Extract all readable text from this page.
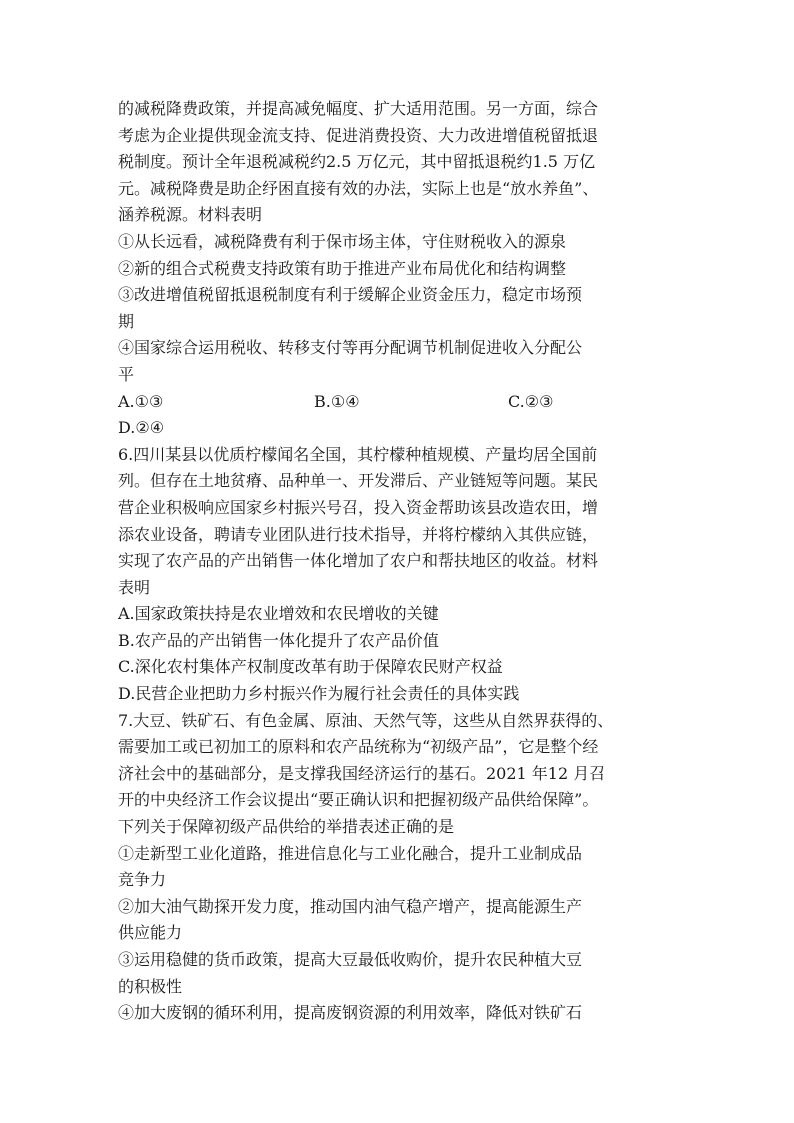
的减税降费政策，并提高减免幅度、扩大适用范围。另一方面，综合
考虑为企业提供现金流支持、促进消费投资、大力改进增值税留抵退
税制度。预计全年退税减税约2.5 万亿元，其中留抵退税约1.5 万亿
元。减税降费是助企纾困直接有效的办法，实际上也是“放水养鱼”、
涵养税源。材料表明
①从长远看，减税降费有利于保市场主体，守住财税收入的源泉
②新的组合式税费支持政策有助于推进产业布局优化和结构调整
③改进增值税留抵退税制度有利于缓解企业资金压力，稳定市场预
期
④国家综合运用税收、转移支付等再分配调节机制促进收入分配公
平
A.①③	B.①④	C.②③
D.②④
6.四川某县以优质柠檬闻名全国，其柠檬种植规模、产量均居全国前
列。但存在土地贫瘠、品种单一、开发滞后、产业链短等问题。某民
营企业积极响应国家乡村振兴号召，投入资金帮助该县改造农田，增
添农业设备，聘请专业团队进行技术指导，并将柠檬纳入其供应链，
实现了农产品的产出销售一体化增加了农户和帮扶地区的收益。材料
表明
A.国家政策扶持是农业增效和农民增收的关键
B.农产品的产出销售一体化提升了农产品价值
C.深化农村集体产权制度改革有助于保障农民财产权益
D.民营企业把助力乡村振兴作为履行社会责任的具体实践
7.大豆、铁矿石、有色金属、原油、天然气等，这些从自然界获得的、
需要加工或已初加工的原料和农产品统称为“初级产品”，它是整个经
济社会中的基础部分，是支撑我国经济运行的基石。2021 年12 月召
开的中央经济工作会议提出“要正确认识和把握初级产品供给保障”。
下列关于保障初级产品供给的举措表述正确的是
①走新型工业化道路，推进信息化与工业化融合，提升工业制成品
竞争力
②加大油气勘探开发力度，推动国内油气稳产增产，提高能源生产
供应能力
③运用稳健的货币政策，提高大豆最低收购价，提升农民种植大豆
的积极性
④加大废钢的循环利用，提高废钢资源的利用效率，降低对铁矿石
